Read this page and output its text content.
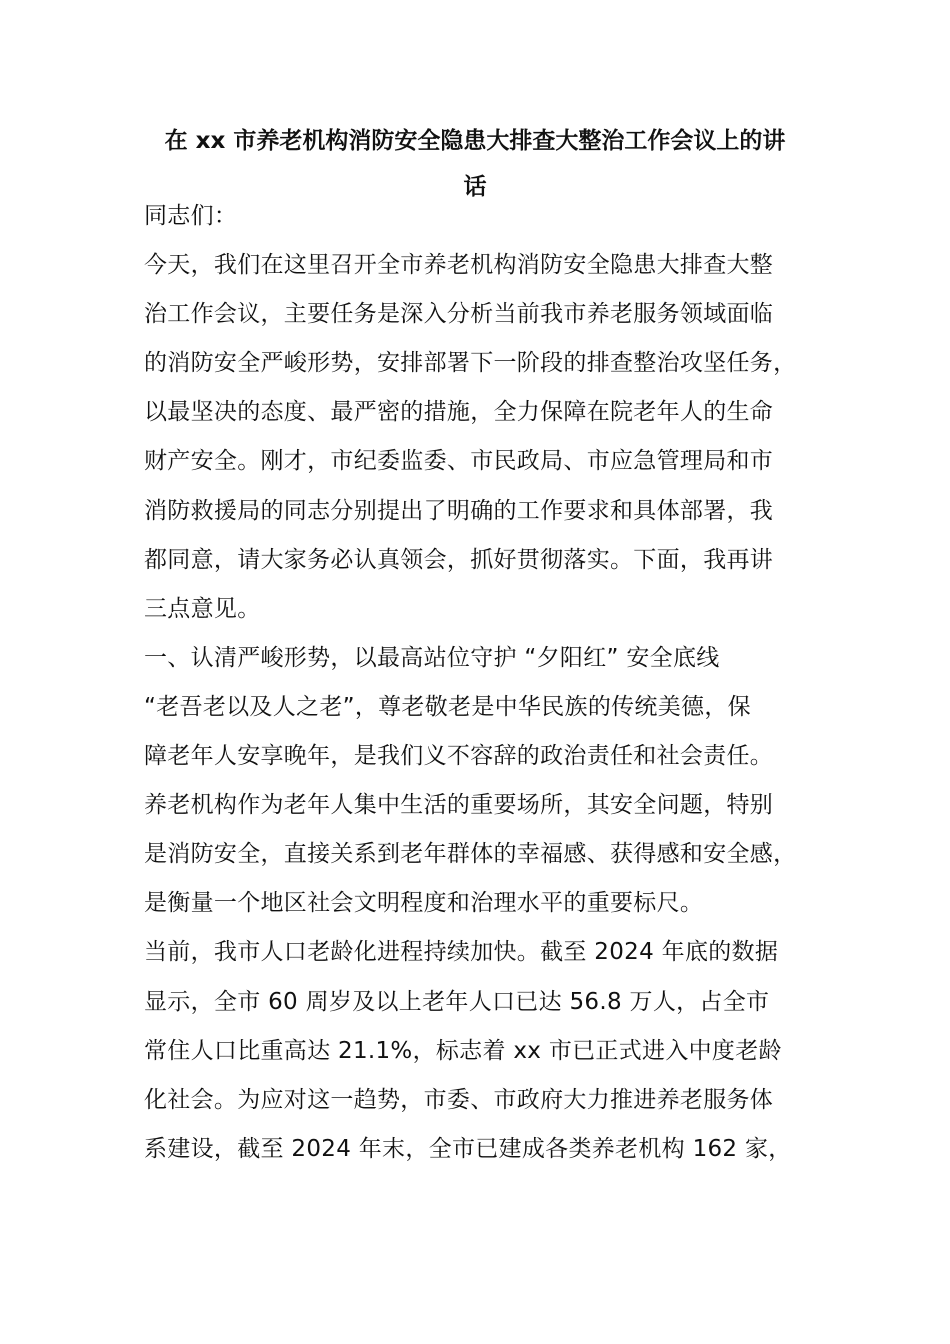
在 xx 市养老机构消防安全隐患大排查大整治工作会议上的讲
话
同志们：
今天，我们在这里召开全市养老机构消防安全隐患大排查大整
治工作会议，主要任务是深入分析当前我市养老服务领域面临
的消防安全严峻形势，安排部署下一阶段的排查整治攻坚任务，
以最坚决的态度、最严密的措施，全力保障在院老年人的生命
财产安全。刚才，市纪委监委、市民政局、市应急管理局和市
消防救援局的同志分别提出了明确的工作要求和具体部署，我
都同意，请大家务必认真领会，抓好贯彻落实。下面，我再讲
三点意见。
一、认清严峻形势，以最高站位守护 “夕阳红” 安全底线
“老吾老以及人之老”，尊老敬老是中华民族的传统美德，保
障老年人安享晚年，是我们义不容辞的政治责任和社会责任。
养老机构作为老年人集中生活的重要场所，其安全问题，特别
是消防安全，直接关系到老年群体的幸福感、获得感和安全感，
是衡量一个地区社会文明程度和治理水平的重要标尺。
当前，我市人口老龄化进程持续加快。截至 2024 年底的数据
显示，全市 60 周岁及以上老年人口已达 56.8 万人，占全市
常住人口比重高达 21.1%，标志着 xx 市已正式进入中度老龄
化社会。为应对这一趋势，市委、市政府大力推进养老服务体
系建设，截至 2024 年末，全市已建成各类养老机构 162 家，
